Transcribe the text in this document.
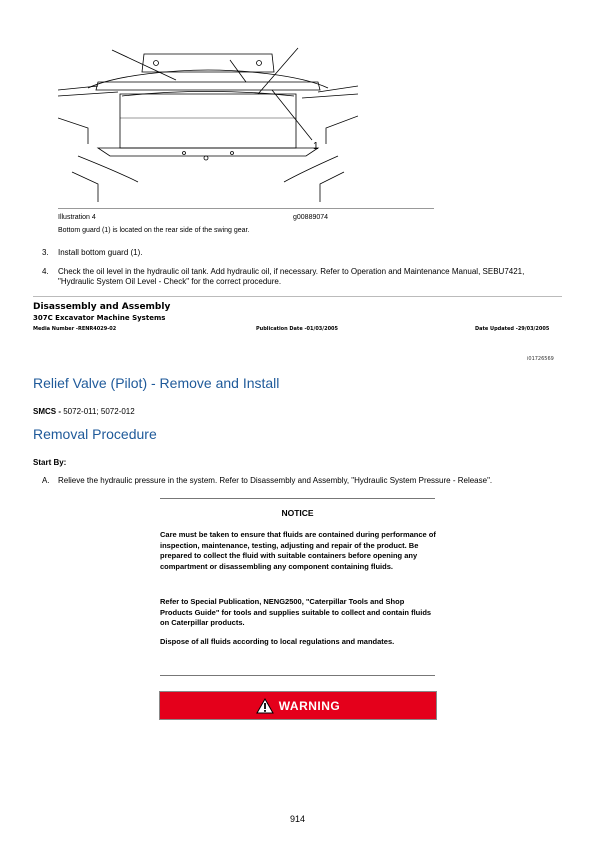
1
Illustration 4	g00889074
Bottom guard (1) is located on the rear side of the swing gear.
3. Install bottom guard (1).
4. Check the oil level in the hydraulic oil tank. Add hydraulic oil, if necessary. Refer to Operation and Maintenance Manual, SEBU7421, "Hydraulic System Oil Level - Check" for the correct procedure.
Disassembly and Assembly
307C Excavator Machine Systems
Media Number -RENR4029-02	Publication Date -01/03/2005	Date Updated -29/03/2005
i01726569
Relief Valve (Pilot) - Remove and Install
SMCS - 5072-011; 5072-012
Removal Procedure
Start By:
A. Relieve the hydraulic pressure in the system. Refer to Disassembly and Assembly, "Hydraulic System Pressure - Release".
NOTICE
Care must be taken to ensure that fluids are contained during performance of inspection, maintenance, testing, adjusting and repair of the product. Be prepared to collect the fluid with suitable containers before opening any compartment or disassembling any component containing fluids.
Refer to Special Publication, NENG2500, "Caterpillar Tools and Shop Products Guide" for tools and supplies suitable to collect and contain fluids on Caterpillar products.
Dispose of all fluids according to local regulations and mandates.
WARNING
914
